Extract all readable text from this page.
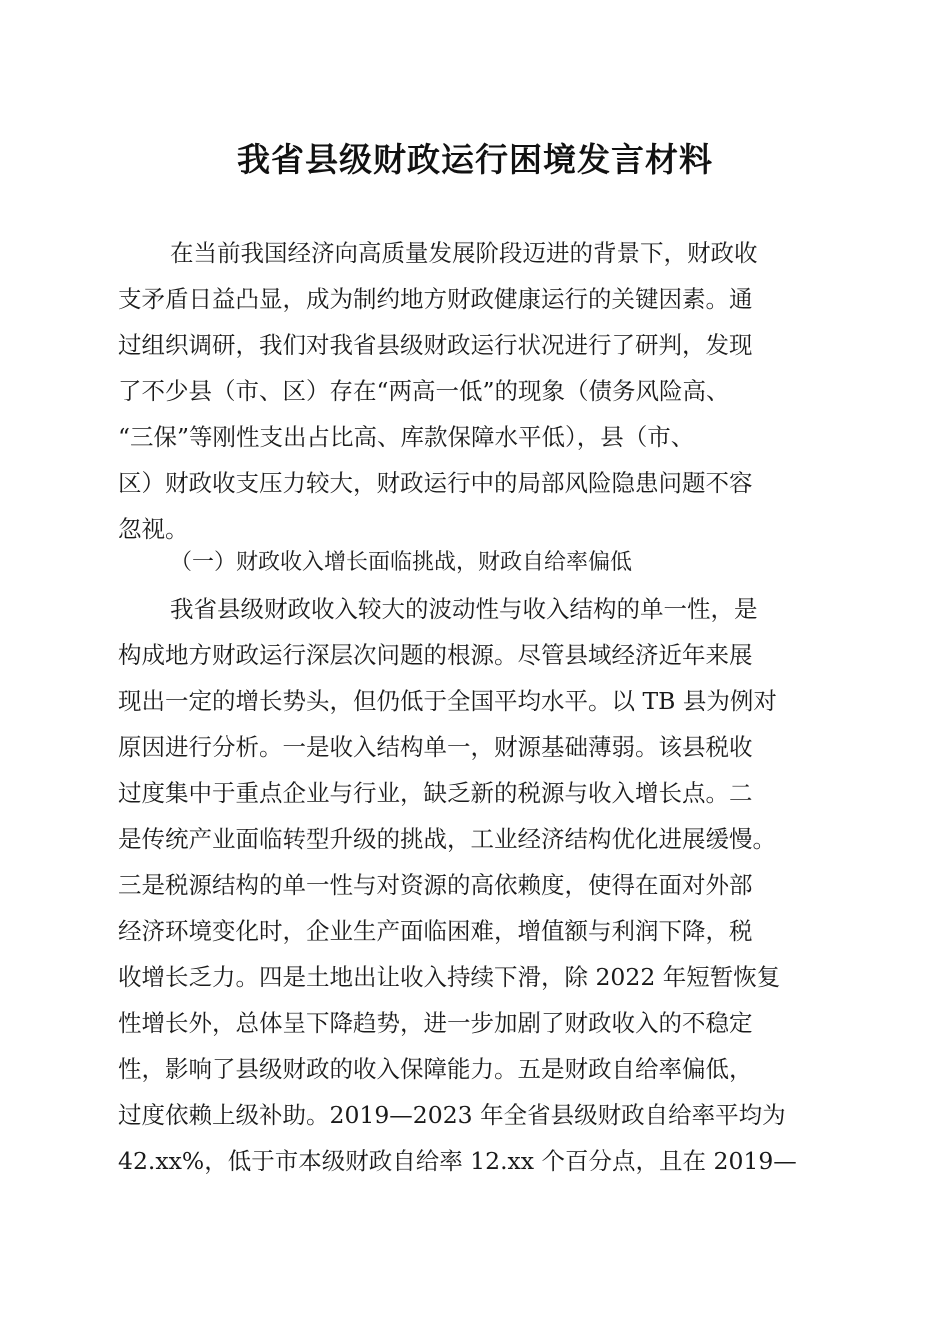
我省县级财政运行困境发言材料
在当前我国经济向高质量发展阶段迈进的背景下，财政收
支矛盾日益凸显，成为制约地方财政健康运行的关键因素。通
过组织调研，我们对我省县级财政运行状况进行了研判，发现
了不少县（市、区）存在“两高一低”的现象（债务风险高、
“三保”等刚性支出占比高、库款保障水平低），县（市、
区）财政收支压力较大，财政运行中的局部风险隐患问题不容
忽视。
（一）财政收入增长面临挑战，财政自给率偏低
我省县级财政收入较大的波动性与收入结构的单一性，是
构成地方财政运行深层次问题的根源。尽管县域经济近年来展
现出一定的增长势头，但仍低于全国平均水平。以 TB 县为例对
原因进行分析。一是收入结构单一，财源基础薄弱。该县税收
过度集中于重点企业与行业，缺乏新的税源与收入增长点。二
是传统产业面临转型升级的挑战，工业经济结构优化进展缓慢。
三是税源结构的单一性与对资源的高依赖度，使得在面对外部
经济环境变化时，企业生产面临困难，增值额与利润下降，税
收增长乏力。四是土地出让收入持续下滑，除 2022 年短暂恢复
性增长外，总体呈下降趋势，进一步加剧了财政收入的不稳定
性，影响了县级财政的收入保障能力。五是财政自给率偏低，
过度依赖上级补助。2019—2023 年全省县级财政自给率平均为
42.xx%，低于市本级财政自给率 12.xx 个百分点，且在 2019—
